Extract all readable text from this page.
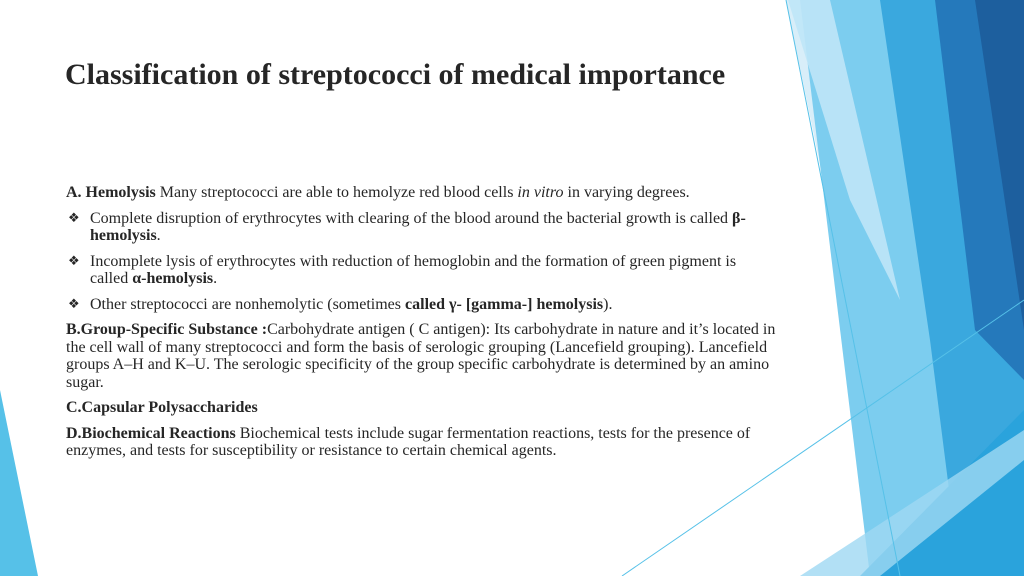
Classification of streptococci of medical importance

A. Hemolysis Many streptococci are able to hemolyze red blood cells in vitro in varying degrees.

❖ Complete disruption of erythrocytes with clearing of the blood around the bacterial growth is called β-hemolysis.
❖ Incomplete lysis of erythrocytes with reduction of hemoglobin and the formation of green pigment is called α-hemolysis.
❖ Other streptococci are nonhemolytic (sometimes called γ- [gamma-] hemolysis).

B.Group-Specific Substance :Carbohydrate antigen ( C antigen): Its carbohydrate in nature and it’s located in the cell wall of many streptococci and form the basis of serologic grouping (Lancefield grouping). Lancefield groups A–H and K–U. The serologic specificity of the group specific carbohydrate is determined by an amino sugar.

C.Capsular Polysaccharides

D.Biochemical Reactions Biochemical tests include sugar fermentation reactions, tests for the presence of enzymes, and tests for susceptibility or resistance to certain chemical agents.
